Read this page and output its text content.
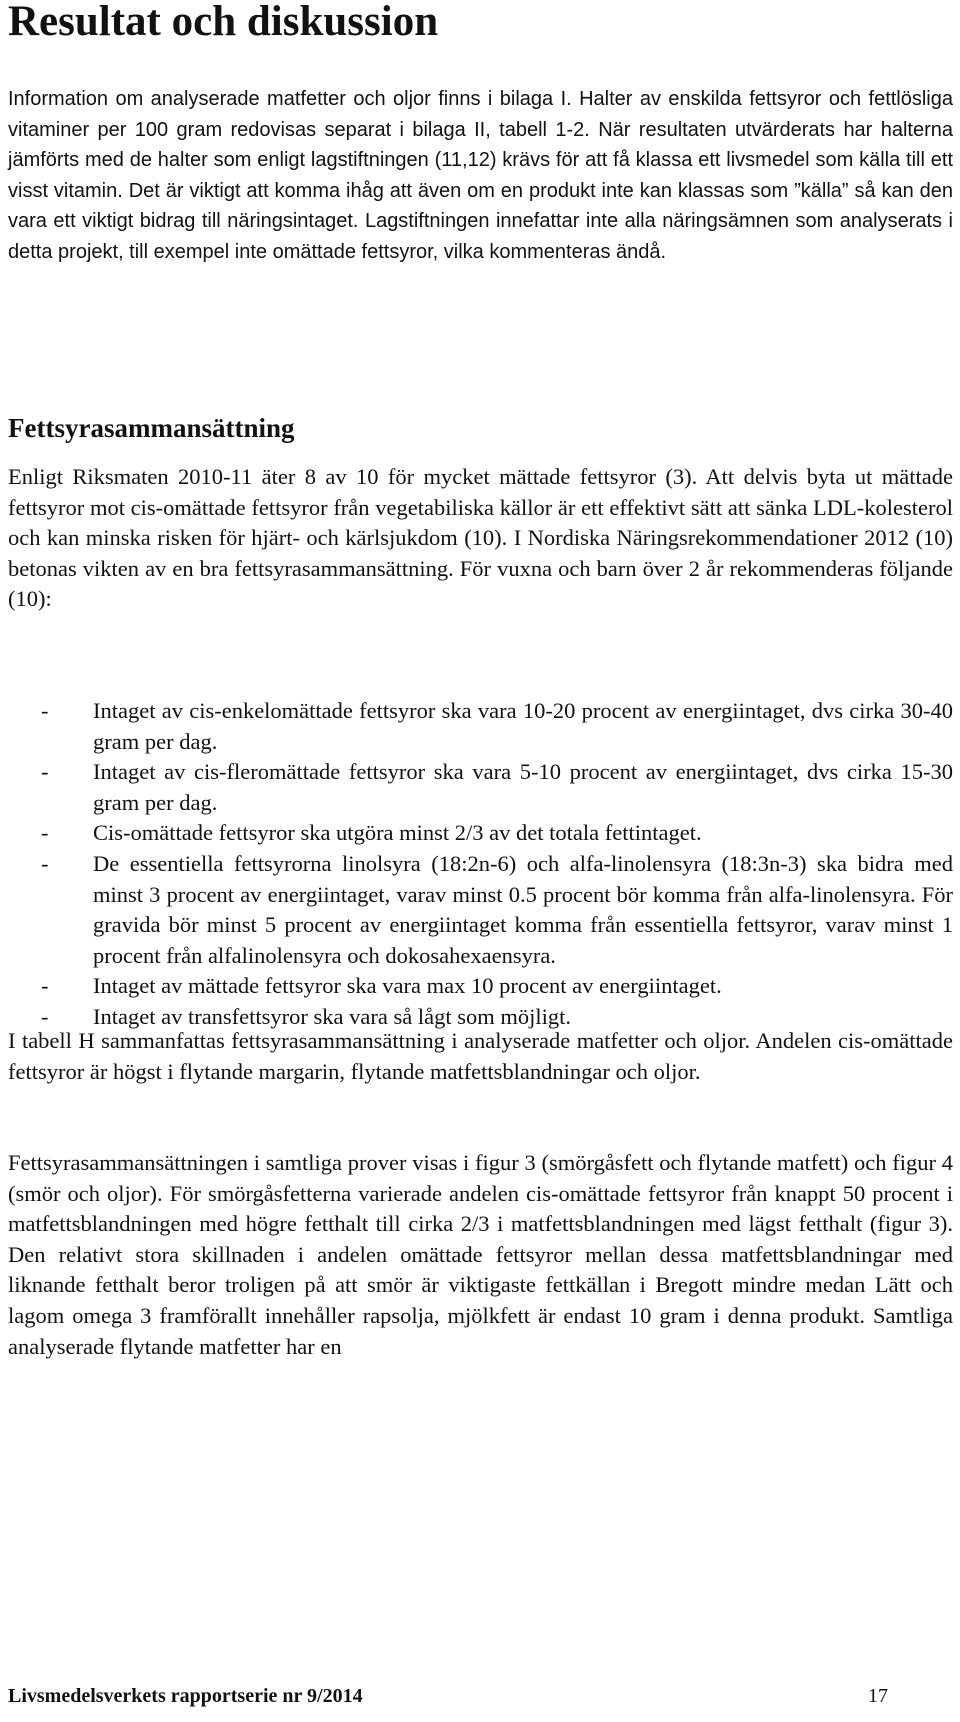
Resultat och diskussion

Information om analyserade matfetter och oljor finns i bilaga I. Halter av enskilda fettsyror och fettlösliga vitaminer per 100 gram redovisas separat i bilaga II, tabell 1-2. När resultaten utvärderats har halterna jämförts med de halter som enligt lagstiftningen (11,12) krävs för att få klassa ett livsmedel som källa till ett visst vitamin. Det är viktigt att komma ihåg att även om en produkt inte kan klassas som ”källa” så kan den vara ett viktigt bidrag till näringsintaget. Lagstiftningen innefattar inte alla näringsämnen som analyserats i detta projekt, till exempel inte omättade fettsyror, vilka kommenteras ändå.

Fettsyrasammansättning

Enligt Riksmaten 2010-11 äter 8 av 10 för mycket mättade fettsyror (3). Att delvis byta ut mättade fettsyror mot cis-omättade fettsyror från vegetabiliska källor är ett effektivt sätt att sänka LDL-kolesterol och kan minska risken för hjärt- och kärlsjukdom (10). I Nordiska Näringsrekommendationer 2012 (10) betonas vikten av en bra fettsyrasammansättning. För vuxna och barn över 2 år rekommenderas följande (10):

- Intaget av cis-enkelomättade fettsyror ska vara 10-20 procent av energiintaget, dvs cirka 30-40 gram per dag.
- Intaget av cis-fleromättade fettsyror ska vara 5-10 procent av energiintaget, dvs cirka 15-30 gram per dag.
- Cis-omättade fettsyror ska utgöra minst 2/3 av det totala fettintaget.
- De essentiella fettsyrorna linolsyra (18:2n-6) och alfa-linolensyra (18:3n-3) ska bidra med minst 3 procent av energiintaget, varav minst 0.5 procent bör komma från alfa-linolensyra. För gravida bör minst 5 procent av energiintaget komma från essentiella fettsyror, varav minst 1 procent från alfalinolensyra och dokosahexaensyra.
- Intaget av mättade fettsyror ska vara max 10 procent av energiintaget.
- Intaget av transfettsyror ska vara så lågt som möjligt.

I tabell H sammanfattas fettsyrasammansättning i analyserade matfetter och oljor. Andelen cis-omättade fettsyror är högst i flytande margarin, flytande matfettsblandningar och oljor.

Fettsyrasammansättningen i samtliga prover visas i figur 3 (smörgåsfett och flytande matfett) och figur 4 (smör och oljor). För smörgåsfetterna varierade andelen cis-omättade fettsyror från knappt 50 procent i matfettsblandningen med högre fetthalt till cirka 2/3 i matfettsblandningen med lägst fetthalt (figur 3). Den relativt stora skillnaden i andelen omättade fettsyror mellan dessa matfettsblandningar med liknande fetthalt beror troligen på att smör är viktigaste fettkällan i Bregott mindre medan Lätt och lagom omega 3 framförallt innehåller rapsolja, mjölkfett är endast 10 gram i denna produkt. Samtliga analyserade flytande matfetter har en

Livsmedelsverkets rapportserie nr 9/2014	17
